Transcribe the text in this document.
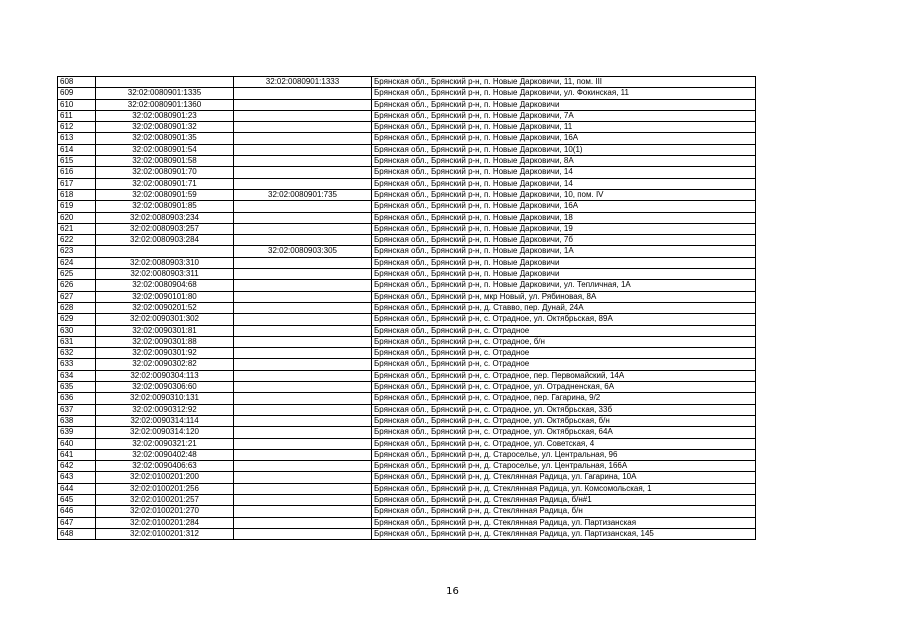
608		32:02:0080901:1333	Брянская обл., Брянский р-н, п. Новые Дарковичи, 11, пом. III
609	32:02:0080901:1335		Брянская обл., Брянский р-н, п. Новые Дарковичи, ул. Фокинская, 11
610	32:02:0080901:1360		Брянская обл., Брянский р-н, п. Новые Дарковичи
611	32:02:0080901:23		Брянская обл., Брянский р-н, п. Новые Дарковичи, 7А
612	32:02:0080901:32		Брянская обл., Брянский р-н, п. Новые Дарковичи, 11
613	32:02:0080901:35		Брянская обл., Брянский р-н, п. Новые Дарковичи, 16А
614	32:02:0080901:54		Брянская обл., Брянский р-н, п. Новые Дарковичи, 10(1)
615	32:02:0080901:58		Брянская обл., Брянский р-н, п. Новые Дарковичи, 8А
616	32:02:0080901:70		Брянская обл., Брянский р-н, п. Новые Дарковичи, 14
617	32:02:0080901:71		Брянская обл., Брянский р-н, п. Новые Дарковичи, 14
618	32:02:0080901:59	32:02:0080901:735	Брянская обл., Брянский р-н, п. Новые Дарковичи, 10, пом. IV
619	32:02:0080901:85		Брянская обл., Брянский р-н, п. Новые Дарковичи, 16А
620	32:02:0080903:234		Брянская обл., Брянский р-н, п. Новые Дарковичи, 18
621	32:02:0080903:257		Брянская обл., Брянский р-н, п. Новые Дарковичи, 19
622	32:02:0080903:284		Брянская обл., Брянский р-н, п. Новые Дарковичи, 7б
623		32:02:0080903:305	Брянская обл., Брянский р-н, п. Новые Дарковичи, 1А
624	32:02:0080903:310		Брянская обл., Брянский р-н, п. Новые Дарковичи
625	32:02:0080903:311		Брянская обл., Брянский р-н, п. Новые Дарковичи
626	32:02:0080904:68		Брянская обл., Брянский р-н, п. Новые Дарковичи, ул. Тепличная, 1А
627	32:02:0090101:80		Брянская обл., Брянский р-н, мкр Новый, ул. Рябиновая, 8А
628	32:02:0090201:52		Брянская обл., Брянский р-н, д. Ставво, пер. Дунай, 24А
629	32:02:0090301:302		Брянская обл., Брянский р-н, с. Отрадное, ул. Октябрьская, 89А
630	32:02:0090301:81		Брянская обл., Брянский р-н, с. Отрадное
631	32:02:0090301:88		Брянская обл., Брянский р-н, с. Отрадное, б/н
632	32:02:0090301:92		Брянская обл., Брянский р-н, с. Отрадное
633	32:02:0090302:82		Брянская обл., Брянский р-н, с. Отрадное
634	32:02:0090304:113		Брянская обл., Брянский р-н, с. Отрадное, пер. Первомайский, 14А
635	32:02:0090306:60		Брянская обл., Брянский р-н, с. Отрадное, ул. Отрадненская, 6А
636	32:02:0090310:131		Брянская обл., Брянский р-н, с. Отрадное, пер. Гагарина, 9/2
637	32:02:0090312:92		Брянская обл., Брянский р-н, с. Отрадное, ул. Октябрьская, 33б
638	32:02:0090314:114		Брянская обл., Брянский р-н, с. Отрадное, ул. Октябрьская, б/н
639	32:02:0090314:120		Брянская обл., Брянский р-н, с. Отрадное, ул. Октябрьская, 64А
640	32:02:0090321:21		Брянская обл., Брянский р-н, с. Отрадное, ул. Советская, 4
641	32:02:0090402:48		Брянская обл., Брянский р-н, д. Староселье, ул. Центральная, 96
642	32:02:0090406:63		Брянская обл., Брянский р-н, д. Староселье, ул. Центральная, 166А
643	32:02:0100201:200		Брянская обл., Брянский р-н, д. Стеклянная Радица, ул. Гагарина, 10А
644	32:02:0100201:256		Брянская обл., Брянский р-н, д. Стеклянная Радица, ул. Комсомольская, 1
645	32:02:0100201:257		Брянская обл., Брянский р-н, д. Стеклянная Радица, б/н#1
646	32:02:0100201:270		Брянская обл., Брянский р-н, д. Стеклянная Радица, б/н
647	32:02:0100201:284		Брянская обл., Брянский р-н, д. Стеклянная Радица, ул. Партизанская
648	32:02:0100201:312		Брянская обл., Брянский р-н, д. Стеклянная Радица, ул. Партизанская, 145
16
